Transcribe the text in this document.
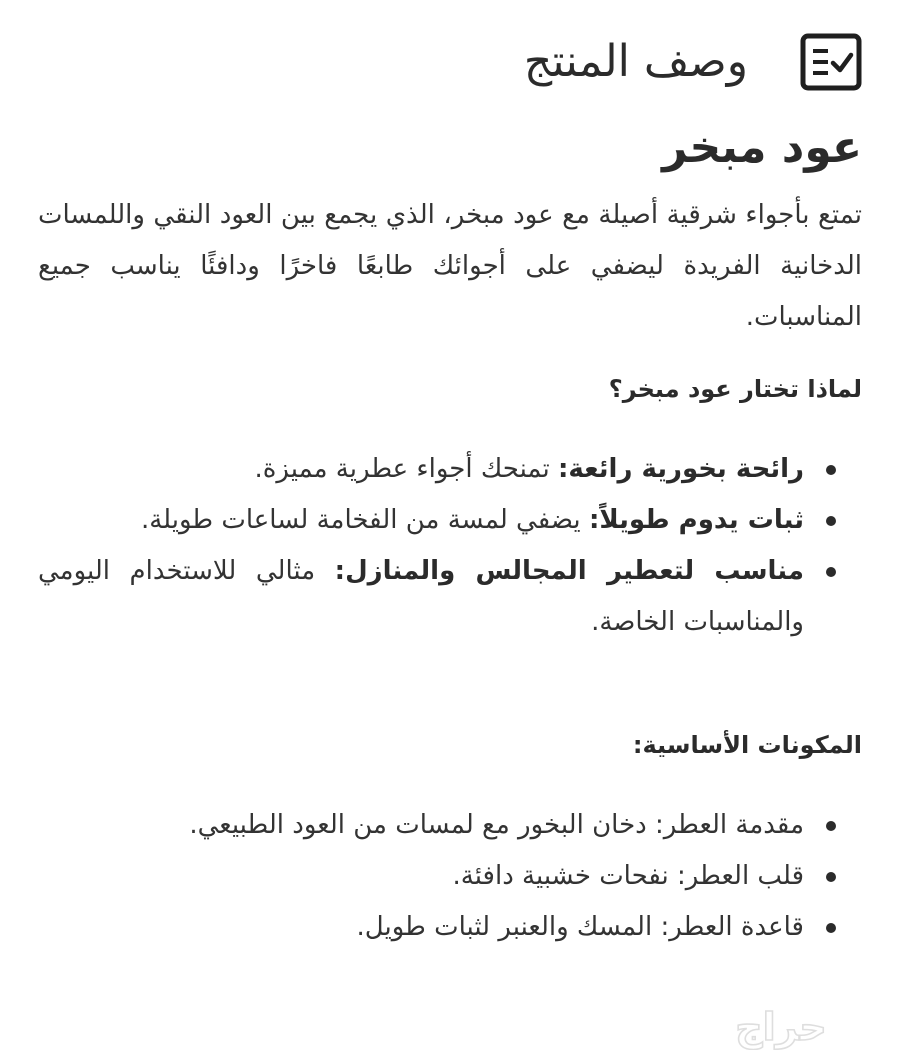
وصف المنتج
عود مبخر
تمتع بأجواء شرقية أصيلة مع عود مبخر، الذي يجمع بين العود النقي واللمسات الدخانية الفريدة ليضفي على أجوائك طابعًا فاخرًا ودافئًا يناسب جميع المناسبات.
لماذا تختار عود مبخر؟
رائحة بخورية رائعة: تمنحك أجواء عطرية مميزة.
ثبات يدوم طويلاً: يضفي لمسة من الفخامة لساعات طويلة.
مناسب لتعطير المجالس والمنازل: مثالي للاستخدام اليومي والمناسبات الخاصة.
المكونات الأساسية:
مقدمة العطر: دخان البخور مع لمسات من العود الطبيعي.
قلب العطر: نفحات خشبية دافئة.
قاعدة العطر: المسك والعنبر لثبات طويل.
حراج
